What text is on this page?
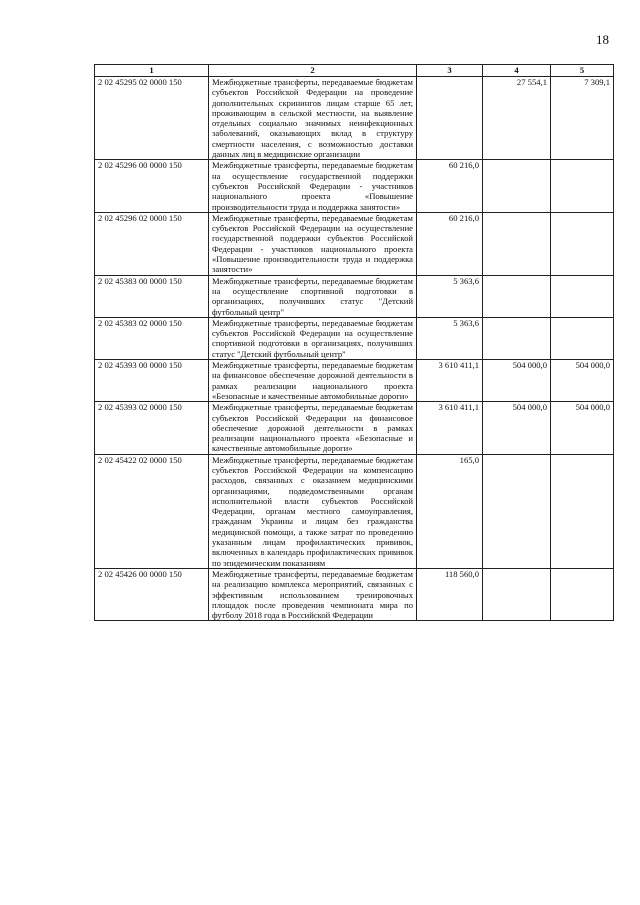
18
1	2	3	4	5
2 02 45295 02 0000 150	Межбюджетные трансферты, передаваемые бюджетам субъектов Российской Федерации на проведение дополнительных скринингов лицам старше 65 лет, проживающим в сельской местности, на выявление отдельных социально значимых неинфекционных заболеваний, оказывающих вклад в структуру смертности населения, с возможностью доставки данных лиц в медицинские организации		27 554,1	7 309,1
2 02 45296 00 0000 150	Межбюджетные трансферты, передаваемые бюджетам на осуществление государственной поддержки субъектов Российской Федерации - участников национального проекта «Повышение производительности труда и поддержка занятости»	60 216,0		
2 02 45296 02 0000 150	Межбюджетные трансферты, передаваемые бюджетам субъектов Российской Федерации на осуществление государственной поддержки субъектов Российской Федерации - участников национального проекта «Повышение производительности труда и поддержка занятости»	60 216,0		
2 02 45383 00 0000 150	Межбюджетные трансферты, передаваемые бюджетам на осуществление спортивной подготовки в организациях, получивших статус "Детский футбольный центр"	5 363,6		
2 02 45383 02 0000 150	Межбюджетные трансферты, передаваемые бюджетам субъектов Российской Федерации на осуществление спортивной подготовки в организациях, получивших статус "Детский футбольный центр"	5 363,6		
2 02 45393 00 0000 150	Межбюджетные трансферты, передаваемые бюджетам на финансовое обеспечение дорожной деятельности в рамках реализации национального проекта «Безопасные и качественные автомобильные дороги»	3 610 411,1	504 000,0	504 000,0
2 02 45393 02 0000 150	Межбюджетные трансферты, передаваемые бюджетам субъектов Российской Федерации на финансовое обеспечение дорожной деятельности в рамках реализации национального проекта «Безопасные и качественные автомобильные дороги»	3 610 411,1	504 000,0	504 000,0
2 02 45422 02 0000 150	Межбюджетные трансферты, передаваемые бюджетам субъектов Российской Федерации на компенсацию расходов, связанных с оказанием медицинскими организациями, подведомственными органам исполнительной власти субъектов Российской Федерации, органам местного самоуправления, гражданам Украины и лицам без гражданства медицинской помощи, а также затрат по проведению указанным лицам профилактических прививок, включенных в календарь профилактических прививок по эпидемическим показаниям	165,0		
2 02 45426 00 0000 150	Межбюджетные трансферты, передаваемые бюджетам на реализацию комплекса мероприятий, связанных с эффективным использованием тренировочных площадок после проведения чемпионата мира по футболу 2018 года в Российской Федерации	118 560,0		
